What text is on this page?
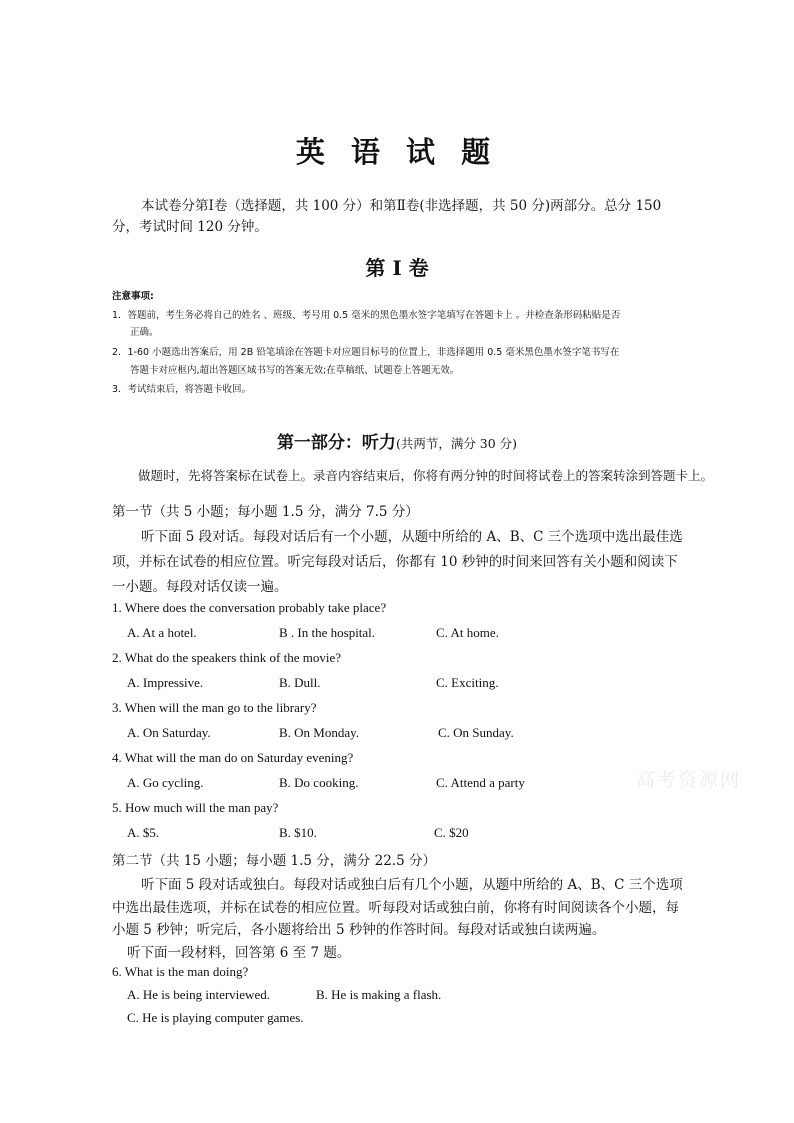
英 语 试 题
本试卷分第Ⅰ卷（选择题，共 100 分）和第Ⅱ卷(非选择题，共 50 分)两部分。总分 150
分，考试时间 120 分钟。
第 Ⅰ 卷
注意事项:
1．答题前，考生务必将自己的姓名 、班级、考号用 0.5 毫米的黑色墨水签字笔填写在答题卡上 。并检查条形码粘贴是否
正确。
2．1-60 小题选出答案后，用 2B 铅笔填涂在答题卡对应题目标号的位置上，非选择题用 0.5 毫米黑色墨水签字笔书写在
答题卡对应框内,超出答题区域书写的答案无效;在草稿纸、试题卷上答题无效。
3．考试结束后，将答题卡收回。
第一部分：听力(共两节，满分 30 分)
做题时，先将答案标在试卷上。录音内容结束后，你将有两分钟的时间将试卷上的答案转涂到答题卡上。
第一节（共 5 小题；每小题 1.5 分，满分 7.5 分）
听下面 5 段对话。每段对话后有一个小题，从题中所给的 A、B、C 三个选项中选出最佳选
项，并标在试卷的相应位置。听完每段对话后，你都有 10 秒钟的时间来回答有关小题和阅读下
一小题。每段对话仅读一遍。
1. Where does the conversation probably take place?
A. At a hotel.	B . In the hospital.	C. At home.
2. What do the speakers think of the movie?
A. Impressive.	B. Dull.	C. Exciting.
3. When will the man go to the library?
A. On Saturday.	B. On Monday.	C. On Sunday.
4. What will the man do on Saturday evening?
A. Go cycling.	B. Do cooking.	C. Attend a party
5. How much will the man pay?
A. $5.	B. $10.	C. $20
第二节（共 15 小题；每小题 1.5 分，满分 22.5 分）
听下面 5 段对话或独白。每段对话或独白后有几个小题，从题中所给的 A、B、C 三个选项
中选出最佳选项，并标在试卷的相应位置。听每段对话或独白前，你将有时间阅读各个小题，每
小题 5 秒钟；听完后，各小题将给出 5 秒钟的作答时间。每段对话或独白读两遍。
听下面一段材料，回答第 6 至 7 题。
6. What is the man doing?
A. He is being interviewed.	B. He is making a flash.
C. He is playing computer games.
高考资源网
